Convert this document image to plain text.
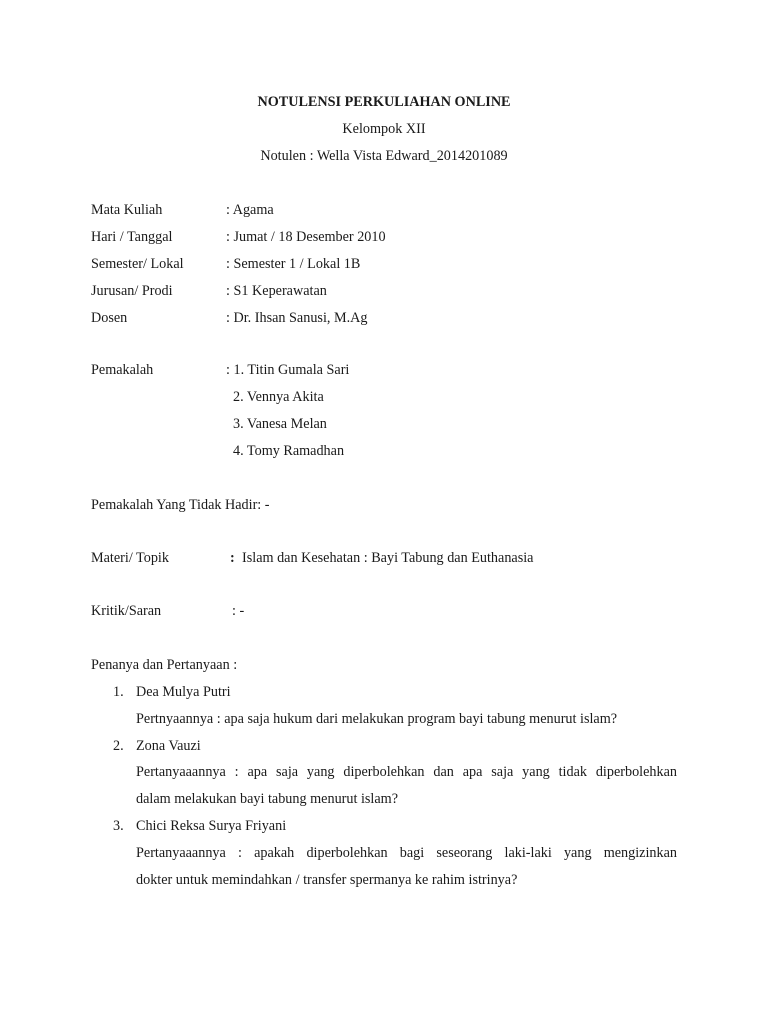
NOTULENSI PERKULIAHAN ONLINE
Kelompok XII
Notulen : Wella Vista Edward_2014201089
Mata Kuliah	: Agama
Hari / Tanggal	: Jumat / 18 Desember 2010
Semester/ Lokal	: Semester 1 / Lokal 1B
Jurusan/ Prodi	: S1 Keperawatan
Dosen	: Dr. Ihsan Sanusi, M.Ag
Pemakalah	: 1. Titin Gumala Sari
2. Vennya Akita
3. Vanesa Melan
4. Tomy Ramadhan
Pemakalah Yang Tidak Hadir: -
Materi/ Topik	: Islam dan Kesehatan : Bayi Tabung dan Euthanasia
Kritik/Saran	: -
Penanya dan Pertanyaan :
1. Dea Mulya Putri
Pertnyaannya : apa saja hukum dari melakukan program bayi tabung menurut islam?
2. Zona Vauzi
Pertanyaaannya : apa saja yang diperbolehkan dan apa saja yang tidak diperbolehkan
dalam melakukan bayi tabung menurut islam?
3. Chici Reksa Surya Friyani
Pertanyaaannya : apakah diperbolehkan bagi seseorang laki-laki yang mengizinkan
dokter untuk memindahkan / transfer spermanya ke rahim istrinya?
